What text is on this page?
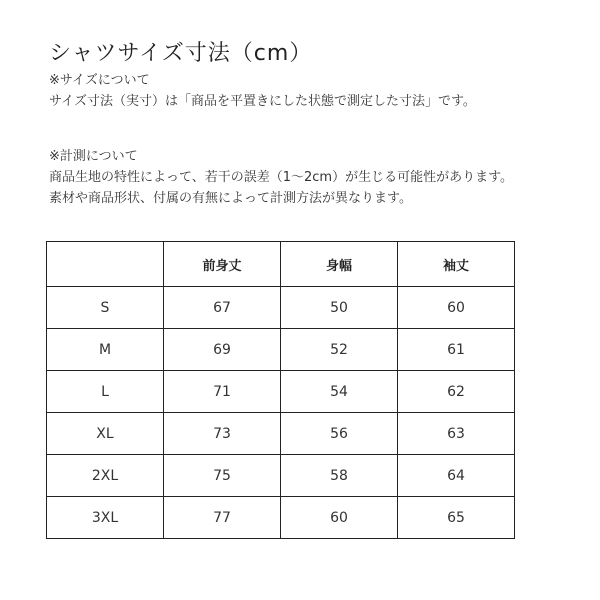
シャツサイズ寸法（cm）
※サイズについて
サイズ寸法（実寸）は「商品を平置きにした状態で測定した寸法」です。
※計測について
商品生地の特性によって、若干の誤差（1〜2cm）が生じる可能性があります。
素材や商品形状、付属の有無によって計測方法が異なります。
	前身丈	身幅	袖丈
S	67	50	60
M	69	52	61
L	71	54	62
XL	73	56	63
2XL	75	58	64
3XL	77	60	65
